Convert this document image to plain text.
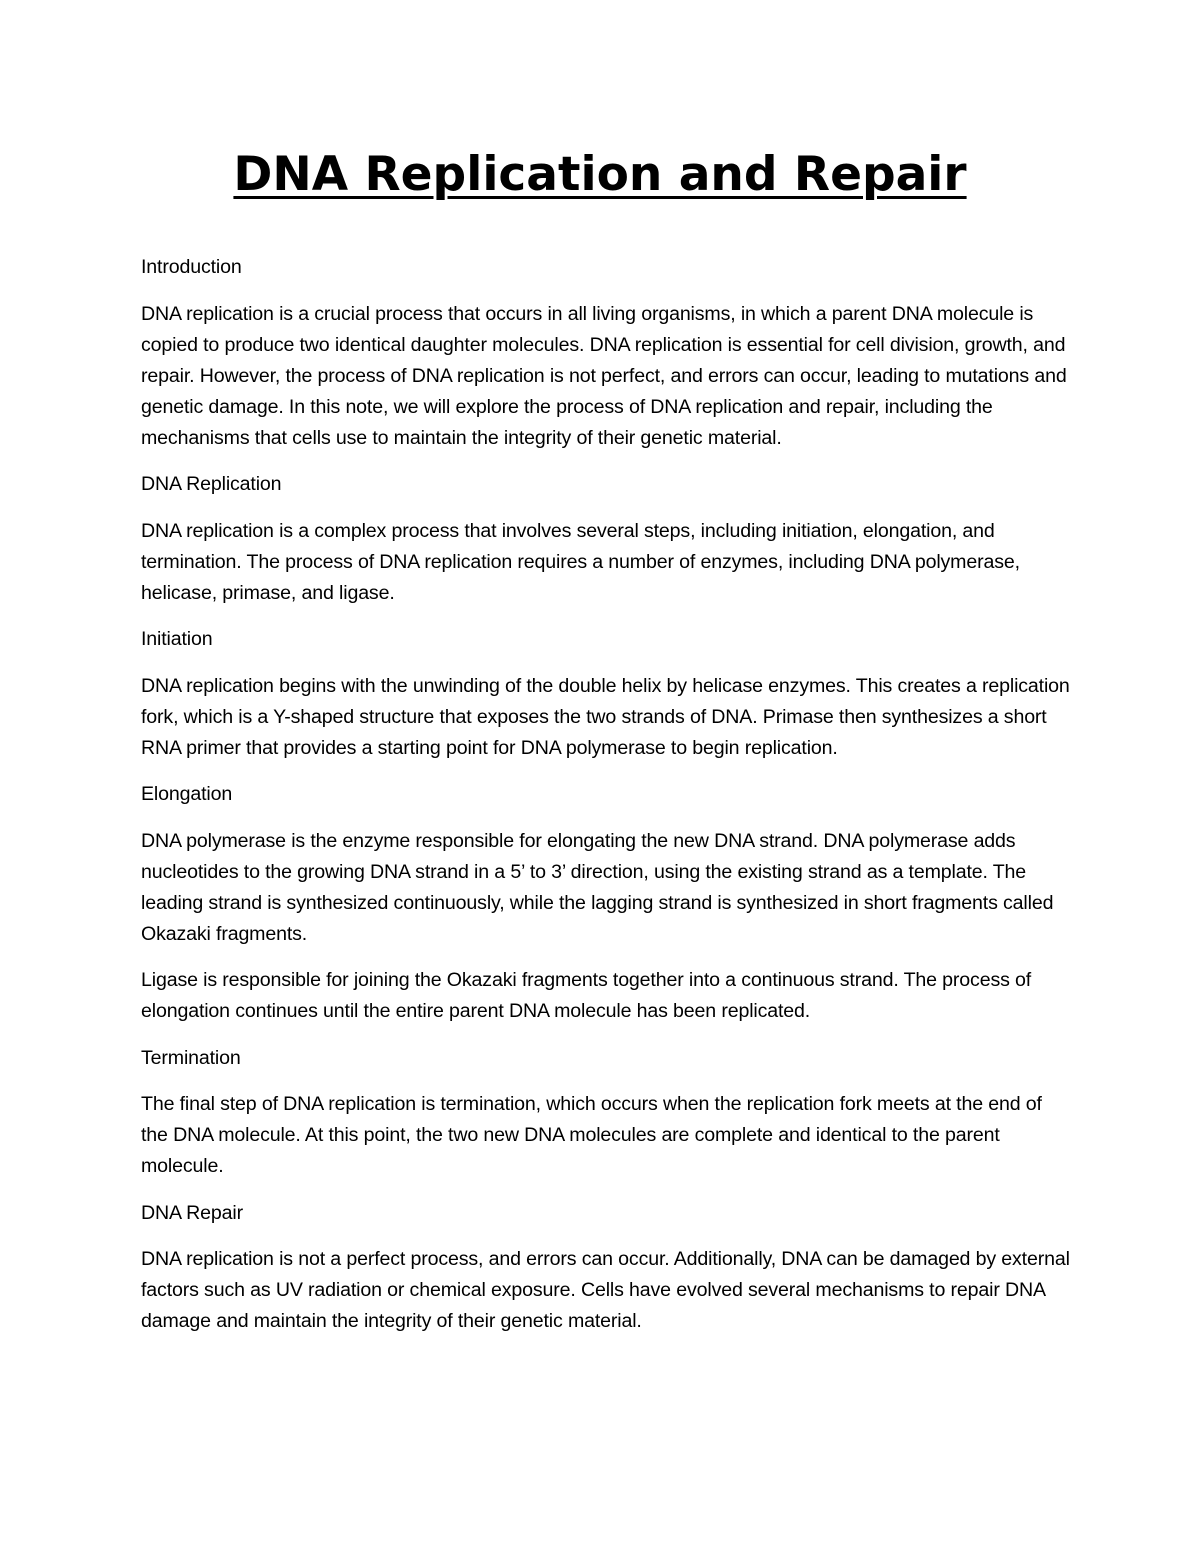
DNA Replication and Repair

Introduction

DNA replication is a crucial process that occurs in all living organisms, in which a parent DNA molecule is copied to produce two identical daughter molecules. DNA replication is essential for cell division, growth, and repair. However, the process of DNA replication is not perfect, and errors can occur, leading to mutations and genetic damage. In this note, we will explore the process of DNA replication and repair, including the mechanisms that cells use to maintain the integrity of their genetic material.

DNA Replication

DNA replication is a complex process that involves several steps, including initiation, elongation, and termination. The process of DNA replication requires a number of enzymes, including DNA polymerase, helicase, primase, and ligase.

Initiation

DNA replication begins with the unwinding of the double helix by helicase enzymes. This creates a replication fork, which is a Y-shaped structure that exposes the two strands of DNA. Primase then synthesizes a short RNA primer that provides a starting point for DNA polymerase to begin replication.

Elongation

DNA polymerase is the enzyme responsible for elongating the new DNA strand. DNA polymerase adds nucleotides to the growing DNA strand in a 5’ to 3’ direction, using the existing strand as a template. The leading strand is synthesized continuously, while the lagging strand is synthesized in short fragments called Okazaki fragments.

Ligase is responsible for joining the Okazaki fragments together into a continuous strand. The process of elongation continues until the entire parent DNA molecule has been replicated.

Termination

The final step of DNA replication is termination, which occurs when the replication fork meets at the end of the DNA molecule. At this point, the two new DNA molecules are complete and identical to the parent molecule.

DNA Repair

DNA replication is not a perfect process, and errors can occur. Additionally, DNA can be damaged by external factors such as UV radiation or chemical exposure. Cells have evolved several mechanisms to repair DNA damage and maintain the integrity of their genetic material.
